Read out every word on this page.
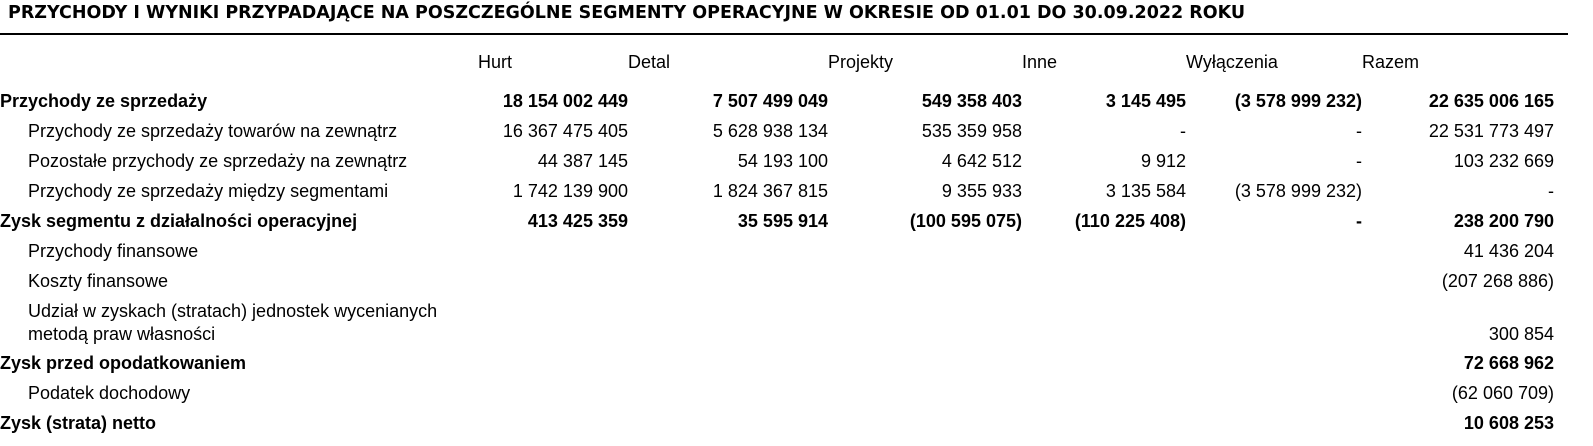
PRZYCHODY I WYNIKI PRZYPADAJĄCE NA POSZCZEGÓLNE SEGMENTY OPERACYJNE W OKRESIE OD 01.01 DO 30.09.2022 ROKU
	Hurt	Detal	Projekty	Inne	Wyłączenia	Razem

Przychody ze sprzedaży	18 154 002 449	7 507 499 049	549 358 403	3 145 495	(3 578 999 232)	22 635 006 165
Przychody ze sprzedaży towarów na zewnątrz	16 367 475 405	5 628 938 134	535 359 958	-	-	22 531 773 497
Pozostałe przychody ze sprzedaży na zewnątrz	44 387 145	54 193 100	4 642 512	9 912	-	103 232 669
Przychody ze sprzedaży między segmentami	1 742 139 900	1 824 367 815	9 355 933	3 135 584	(3 578 999 232)	-
Zysk segmentu z działalności operacyjnej	413 425 359	35 595 914	(100 595 075)	(110 225 408)	-	238 200 790
Przychody finansowe						41 436 204
Koszty finansowe						(207 268 886)

Udział w zyskach (stratach) jednostek wycenianych
metodą praw własności						300 854
Zysk przed opodatkowaniem						72 668 962
Podatek dochodowy						(62 060 709)
Zysk (strata) netto						10 608 253
